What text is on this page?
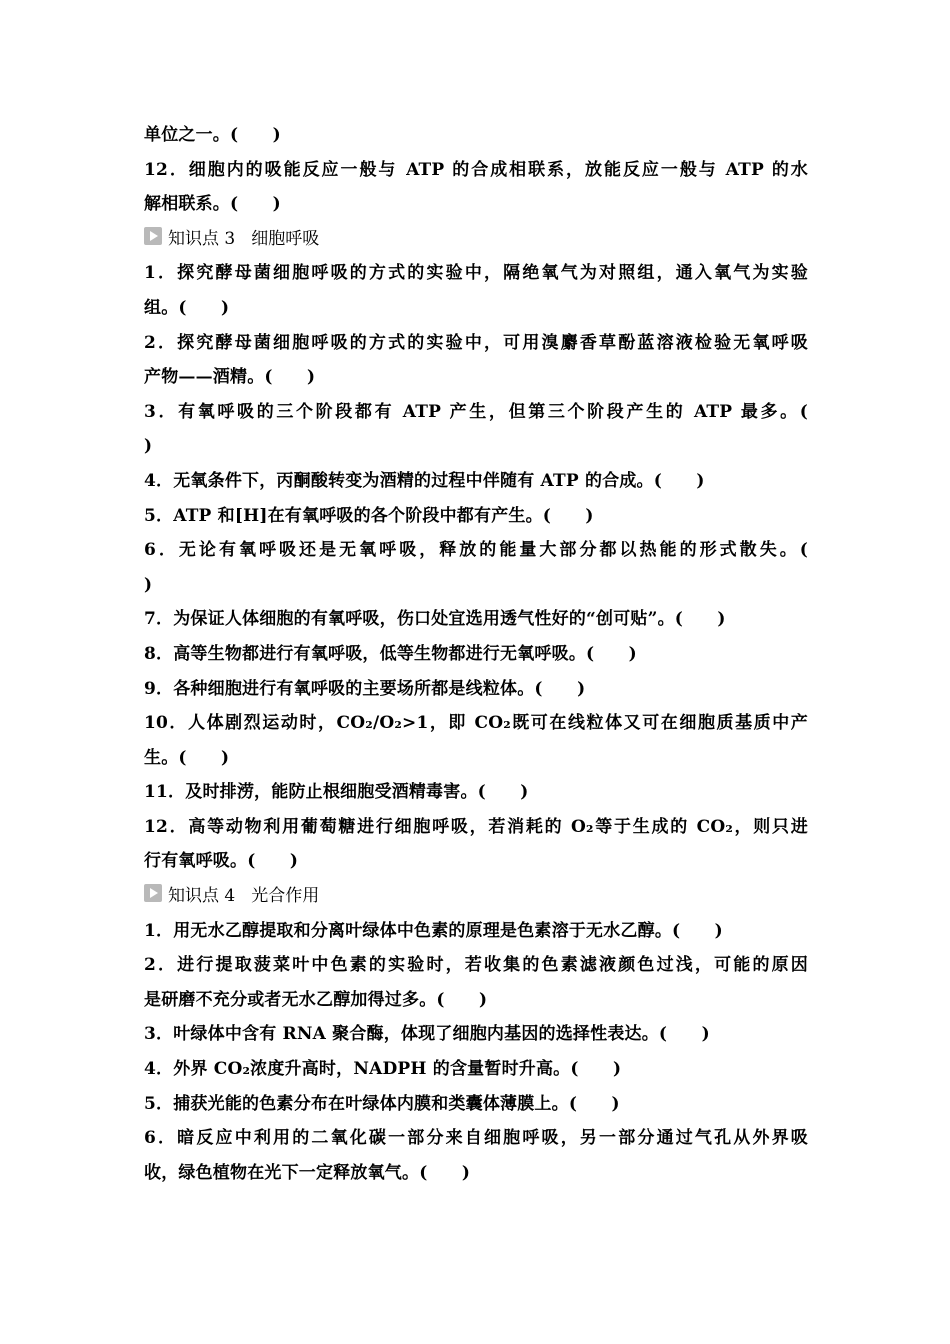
单位之一。(　　)
12．细胞内的吸能反应一般与 ATP 的合成相联系，放能反应一般与 ATP 的水
解相联系。(　　)
知识点 3 细胞呼吸
1．探究酵母菌细胞呼吸的方式的实验中，隔绝氧气为对照组，通入氧气为实验
组。(　　)
2．探究酵母菌细胞呼吸的方式的实验中，可用溴麝香草酚蓝溶液检验无氧呼吸
产物——酒精。(　　)
3．有氧呼吸的三个阶段都有 ATP 产生，但第三个阶段产生的 ATP 最多。(
)
4．无氧条件下，丙酮酸转变为酒精的过程中伴随有 ATP 的合成。(　　)
5．ATP 和[H]在有氧呼吸的各个阶段中都有产生。(　　)
6．无论有氧呼吸还是无氧呼吸，释放的能量大部分都以热能的形式散失。(
)
7．为保证人体细胞的有氧呼吸，伤口处宜选用透气性好的“创可贴”。(　　)
8．高等生物都进行有氧呼吸，低等生物都进行无氧呼吸。(　　)
9．各种细胞进行有氧呼吸的主要场所都是线粒体。(　　)
10．人体剧烈运动时，CO₂/O₂>1，即 CO₂既可在线粒体又可在细胞质基质中产
生。(　　)
11．及时排涝，能防止根细胞受酒精毒害。(　　)
12．高等动物利用葡萄糖进行细胞呼吸，若消耗的 O₂等于生成的 CO₂，则只进
行有氧呼吸。(　　)
知识点 4 光合作用
1．用无水乙醇提取和分离叶绿体中色素的原理是色素溶于无水乙醇。(　　)
2．进行提取菠菜叶中色素的实验时，若收集的色素滤液颜色过浅，可能的原因
是研磨不充分或者无水乙醇加得过多。(　　)
3．叶绿体中含有 RNA 聚合酶，体现了细胞内基因的选择性表达。(　　)
4．外界 CO₂浓度升高时，NADPH 的含量暂时升高。(　　)
5．捕获光能的色素分布在叶绿体内膜和类囊体薄膜上。(　　)
6．暗反应中利用的二氧化碳一部分来自细胞呼吸，另一部分通过气孔从外界吸
收，绿色植物在光下一定释放氧气。(　　)
